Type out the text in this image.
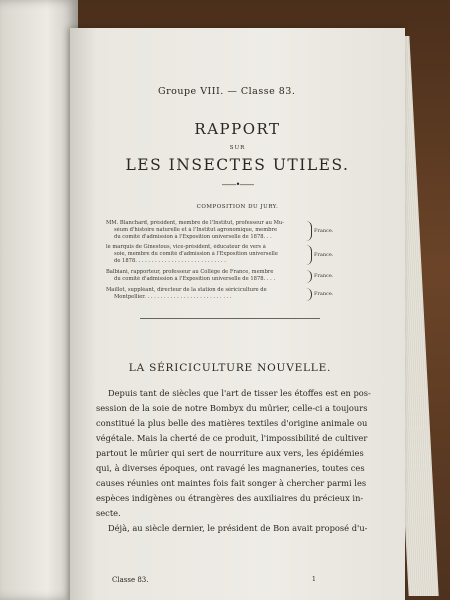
Groupe VIII. — Classe 83.
RAPPORT
SUR
LES INSECTES UTILES.
——•——
COMPOSITION DU JURY.
MM. Blanchard, président, membre de l'Institut, professeur au Mu-
séum d'histoire naturelle et à l'Institut agronomique, membre
du comité d'admission à l'Exposition universelle de 1878. . .
France.
le marquis de Ginestous, vice-président, éducateur de vers à
soie, membre du comité d'admission à l'Exposition universelle
de 1878. . . . . . . . . . . . . . . . . . . . . . . . . . . .
France.
Balbiani, rapporteur, professeur au Collège de France, membre
du comité d'admission à l'Exposition universelle de 1878. . . .
France.
Maillot, suppléant, directeur de la station de sériciculture de
Montpellier. . . . . . . . . . . . . . . . . . . . . . . . . . .
France.
LA SÉRICICULTURE NOUVELLE.
Depuis tant de siècles que l'art de tisser les étoffes est en pos-
session de la soie de notre Bombyx du mûrier, celle-ci a toujours
constitué la plus belle des matières textiles d'origine animale ou
végétale. Mais la cherté de ce produit, l'impossibilité de cultiver
partout le mûrier qui sert de nourriture aux vers, les épidémies
qui, à diverses époques, ont ravagé les magnaneries, toutes ces
causes réunies ont maintes fois fait songer à chercher parmi les
espèces indigènes ou étrangères des auxiliaires du précieux in-
secte.
Déjà, au siècle dernier, le président de Bon avait proposé d'u-
Classe 83.	1
